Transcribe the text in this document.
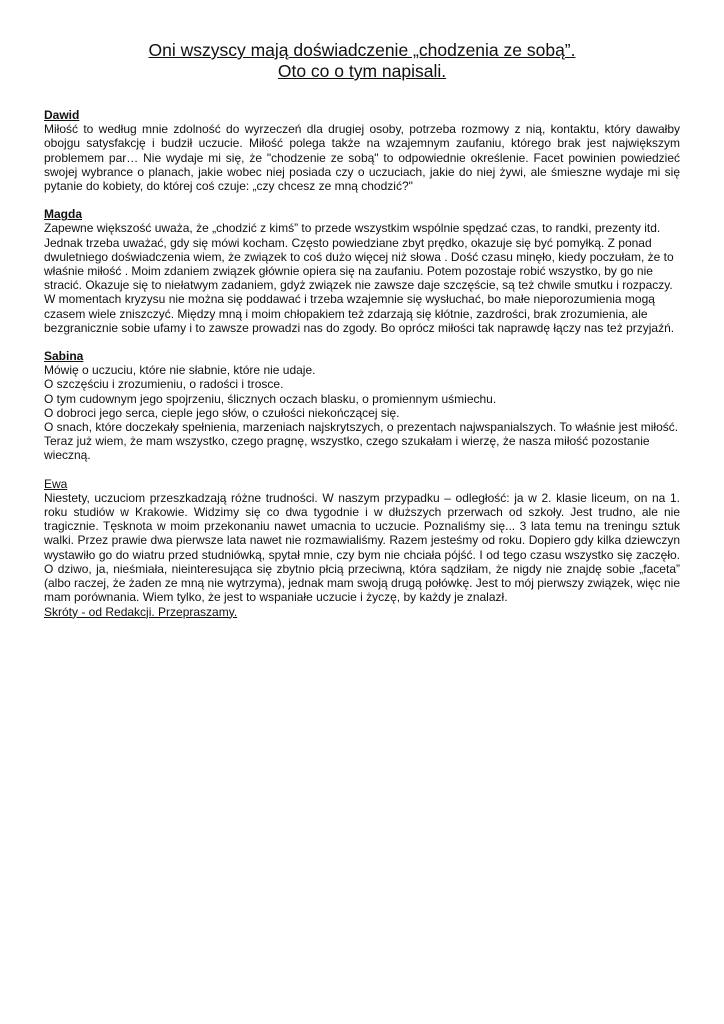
Oni wszyscy mają doświadczenie „chodzenia ze sobą”.
Oto co o tym napisali.
Dawid
Miłość to według mnie zdolność do wyrzeczeń dla drugiej osoby, potrzeba rozmowy z nią, kontaktu, który dawałby obojgu satysfakcję i budził uczucie. Miłość polega także na wzajemnym zaufaniu, którego brak jest największym problemem par… Nie wydaje mi się, że "chodzenie ze sobą" to odpowiednie określenie. Facet powinien powiedzieć swojej wybrance o planach, jakie wobec niej posiada czy o uczuciach, jakie do niej żywi, ale śmieszne wydaje mi się pytanie do kobiety, do której coś czuje: „czy chcesz ze mną chodzić?"
Magda
Zapewne większość uważa, że „chodzić z kimś” to przede wszystkim wspólnie spędzać czas, to randki, prezenty itd. Jednak trzeba uważać, gdy się mówi kocham. Często powiedziane zbyt prędko, okazuje się być pomyłką. Z ponad dwuletniego doświadczenia wiem, że związek to coś dużo więcej niż słowa . Dość czasu minęło, kiedy poczułam, że to właśnie miłość . Moim zdaniem związek głównie opiera się na zaufaniu. Potem pozostaje robić wszystko, by go nie stracić. Okazuje się to niełatwym zadaniem, gdyż związek nie zawsze daje szczęście, są też chwile smutku i rozpaczy. W momentach kryzysu nie można się poddawać i trzeba wzajemnie się wysłuchać, bo małe nieporozumienia mogą czasem wiele zniszczyć. Między mną i moim chłopakiem też zdarzają się kłótnie, zazdrości, brak zrozumienia, ale bezgranicznie sobie ufamy i to zawsze prowadzi nas do zgody. Bo oprócz miłości tak naprawdę łączy nas też przyjaźń.
Sabina
Mówię o uczuciu, które nie słabnie, które nie udaje.
O szczęściu i zrozumieniu, o radości i trosce.
O tym cudownym jego spojrzeniu, ślicznych oczach blasku, o promiennym uśmiechu.
O dobroci jego serca, cieple jego słów, o czułości niekończącej się.
O snach, które doczekały spełnienia, marzeniach najskrytszych, o prezentach najwspanialszych. To właśnie jest miłość.
Teraz już wiem, że mam wszystko, czego pragnę, wszystko, czego szukałam i wierzę, że nasza miłość pozostanie wieczną.
Ewa
Niestety, uczuciom przeszkadzają różne trudności. W naszym przypadku – odległość: ja w 2. klasie liceum, on na 1. roku studiów w Krakowie. Widzimy się co dwa tygodnie i w dłuższych przerwach od szkoły. Jest trudno, ale nie tragicznie. Tęsknota w moim przekonaniu nawet umacnia to uczucie. Poznaliśmy się... 3 lata temu na treningu sztuk walki. Przez prawie dwa pierwsze lata nawet nie rozmawialiśmy. Razem jesteśmy od roku. Dopiero gdy kilka dziewczyn wystawiło go do wiatru przed studniówką, spytał mnie, czy bym nie chciała pójść. I od tego czasu wszystko się zaczęło. O dziwo, ja, nieśmiała, nieinteresująca się zbytnio płcią przeciwną, która sądziłam, że nigdy nie znajdę sobie „faceta” (albo raczej, że żaden ze mną nie wytrzyma), jednak mam swoją drugą połówkę. Jest to mój pierwszy związek, więc nie mam porównania. Wiem tylko, że jest to wspaniałe uczucie i życzę, by każdy je znalazł.
Skróty - od Redakcji. Przepraszamy.
